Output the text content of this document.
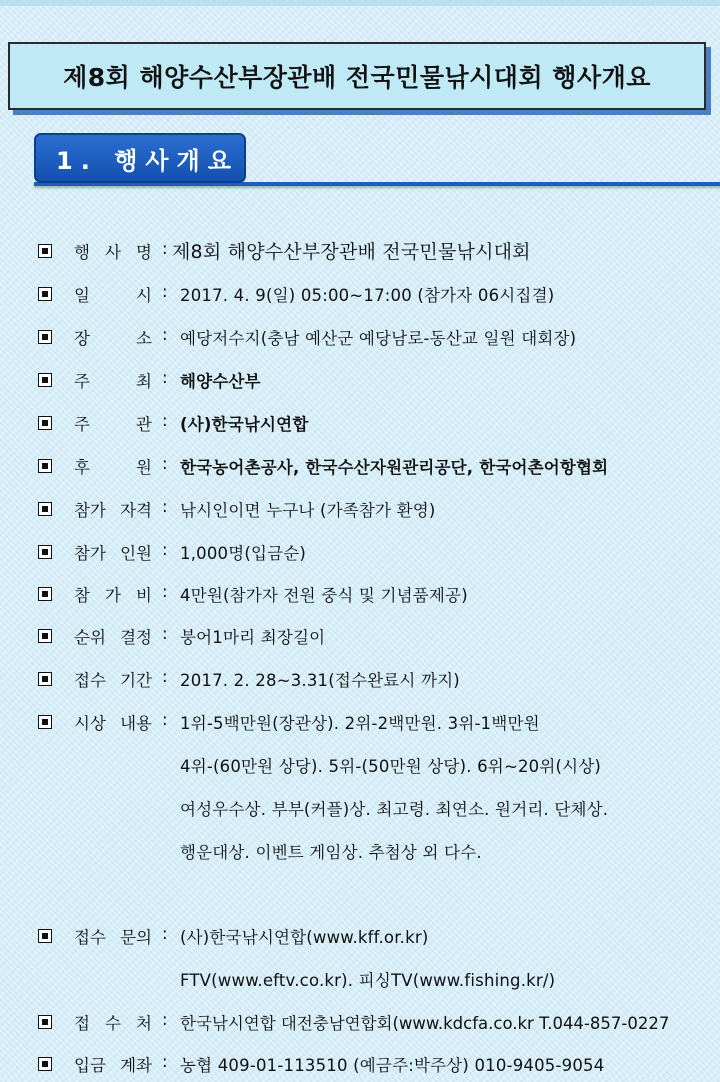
제8회 해양수산부장관배 전국민물낚시대회 행사개요
1. 행사개요
행 사 명 : 제8회 해양수산부장관배 전국민물낚시대회
일	시 : 2017. 4. 9(일) 05:00~17:00 (참가자 06시집결)
장	소 : 예당저수지(충남 예산군 예당남로-동산교 일원 대회장)
주	최 : 해양수산부
주	관 : (사)한국낚시연합
후	원 : 한국농어촌공사, 한국수산자원관리공단, 한국어촌어항협회
참가 자격 : 낚시인이면 누구나 (가족참가 환영)
참가 인원 : 1,000명(입금순)
참 가 비 : 4만원(참가자 전원 중식 및 기념품제공)
순위 결정 : 붕어1마리 최장길이
접수 기간 : 2017. 2. 28~3.31(접수완료시 까지)
시상 내용 : 1위-5백만원(장관상). 2위-2백만원. 3위-1백만원
4위-(60만원 상당). 5위-(50만원 상당). 6위~20위(시상)
여성우수상. 부부(커플)상. 최고령. 최연소. 원거리. 단체상.
행운대상. 이벤트 게임상. 추첨상 외 다수.
접수 문의 : (사)한국낚시연합(www.kff.or.kr)
FTV(www.eftv.co.kr). 피싱TV(www.fishing.kr/)
접 수 처 : 한국낚시연합 대전충남연합회(www.kdcfa.co.kr T.044-857-0227
입금 계좌 : 농협 409-01-113510 (예금주:박주상) 010-9405-9054
